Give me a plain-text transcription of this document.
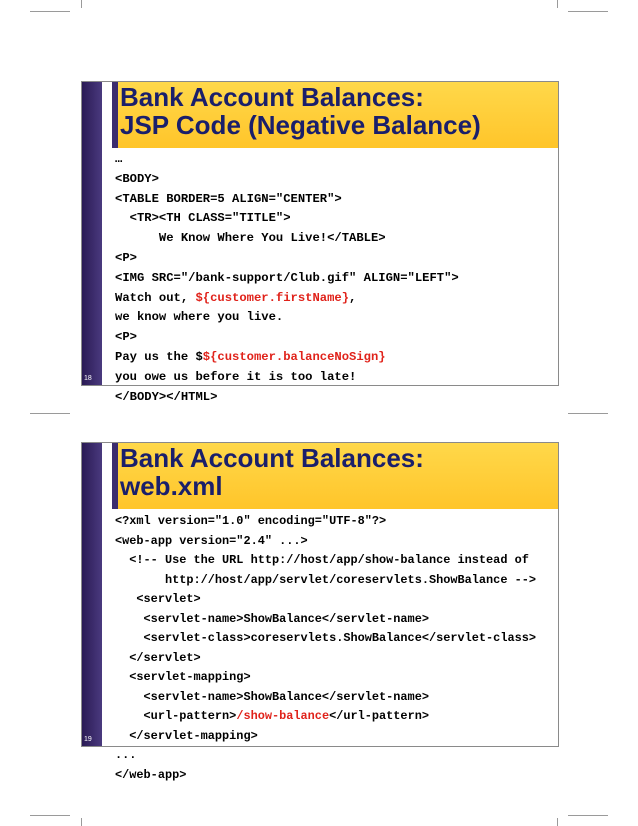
Bank Account Balances:
JSP Code (Negative Balance)
…
<BODY>
<TABLE BORDER=5 ALIGN="CENTER">
<TR><TH CLASS="TITLE">
We Know Where You Live!</TABLE>
<P>
<IMG SRC="/bank-support/Club.gif" ALIGN="LEFT">
Watch out, ${customer.firstName},
we know where you live.
<P>
Pay us the $${customer.balanceNoSign}
you owe us before it is too late!
</BODY></HTML>
18
Bank Account Balances:
web.xml
<?xml version="1.0" encoding="UTF-8"?>
<web-app version="2.4" ...>
<!-- Use the URL http://host/app/show-balance instead of
http://host/app/servlet/coreservlets.ShowBalance -->
<servlet>
<servlet-name>ShowBalance</servlet-name>
<servlet-class>coreservlets.ShowBalance</servlet-class>
</servlet>
<servlet-mapping>
<servlet-name>ShowBalance</servlet-name>
<url-pattern>/show-balance</url-pattern>
</servlet-mapping>
...
</web-app>
19
